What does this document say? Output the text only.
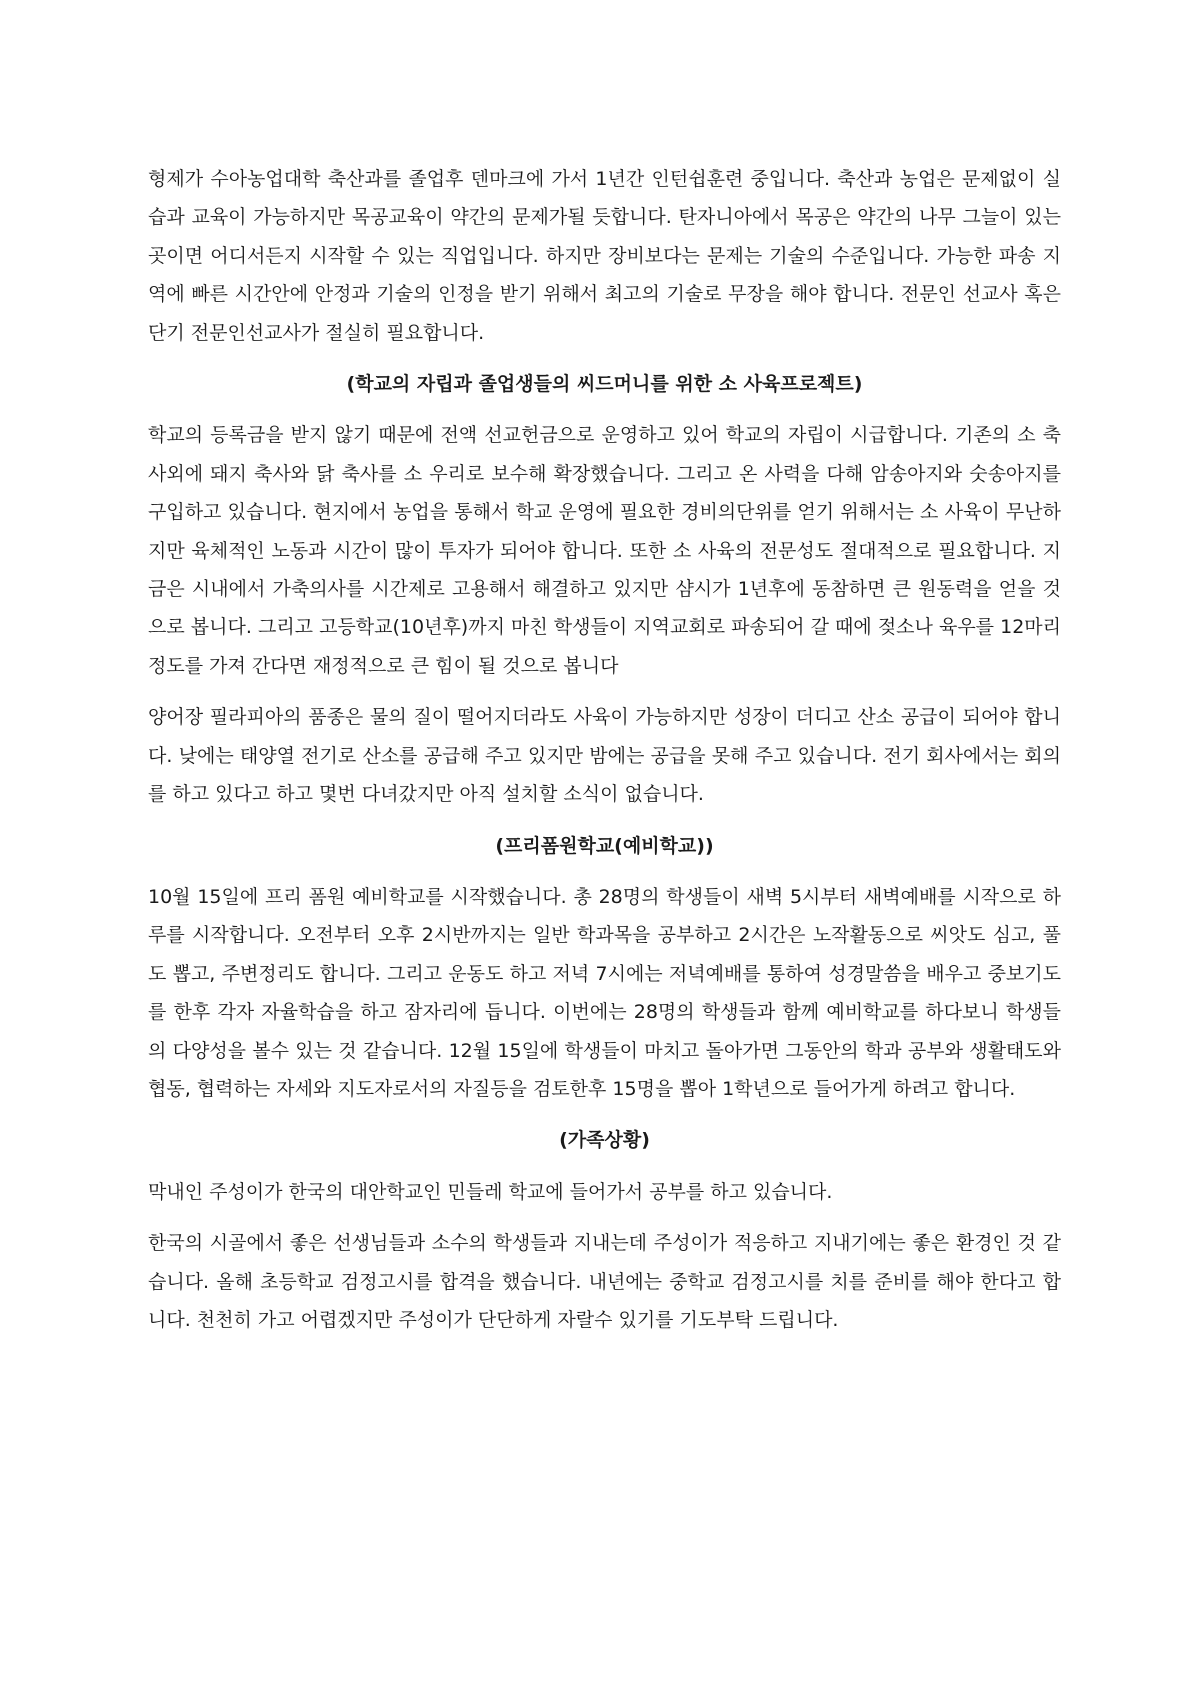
형제가 수아농업대학 축산과를 졸업후 덴마크에 가서 1년간 인턴쉽훈련 중입니다. 축산과 농업은 문제없이 실습과 교육이 가능하지만 목공교육이 약간의 문제가될 듯합니다. 탄자니아에서 목공은 약간의 나무 그늘이 있는 곳이면 어디서든지 시작할 수 있는 직업입니다. 하지만 장비보다는 문제는 기술의 수준입니다. 가능한 파송 지역에 빠른 시간안에 안정과 기술의 인정을 받기 위해서 최고의 기술로 무장을 해야 합니다. 전문인 선교사 혹은 단기 전문인선교사가 절실히 필요합니다.

(학교의 자립과 졸업생들의 씨드머니를 위한 소 사육프로젝트)

학교의 등록금을 받지 않기 때문에 전액 선교헌금으로 운영하고 있어 학교의 자립이 시급합니다. 기존의 소 축사외에 돼지 축사와 닭 축사를 소 우리로 보수해 확장했습니다. 그리고 온 사력을 다해 암송아지와 숫송아지를 구입하고 있습니다. 현지에서 농업을 통해서 학교 운영에 필요한 경비의단위를 얻기 위해서는 소 사육이 무난하지만 육체적인 노동과 시간이 많이 투자가 되어야 합니다. 또한 소 사육의 전문성도 절대적으로 필요합니다. 지금은 시내에서 가축의사를 시간제로 고용해서 해결하고 있지만 샴시가 1년후에 동참하면 큰 원동력을 얻을 것으로 봅니다. 그리고 고등학교(10년후)까지 마친 학생들이 지역교회로 파송되어 갈 때에 젖소나 육우를 12마리정도를 가져 간다면 재정적으로 큰 힘이 될 것으로 봅니다

양어장 필라피아의 품종은 물의 질이 떨어지더라도 사육이 가능하지만 성장이 더디고 산소 공급이 되어야 합니다. 낮에는 태양열 전기로 산소를 공급해 주고 있지만 밤에는 공급을 못해 주고 있습니다. 전기 회사에서는 회의를 하고 있다고 하고 몇번 다녀갔지만 아직 설치할 소식이 없습니다.

(프리폼원학교(예비학교))

10월 15일에 프리 폼원 예비학교를 시작했습니다. 총 28명의 학생들이 새벽 5시부터 새벽예배를 시작으로 하루를 시작합니다. 오전부터 오후 2시반까지는 일반 학과목을 공부하고 2시간은 노작활동으로 씨앗도 심고, 풀도 뽑고, 주변정리도 합니다. 그리고 운동도 하고 저녁 7시에는 저녁예배를 통하여 성경말씀을 배우고 중보기도를 한후 각자 자율학습을 하고 잠자리에 듭니다. 이번에는 28명의 학생들과 함께 예비학교를 하다보니 학생들의 다양성을 볼수 있는 것 같습니다. 12월 15일에 학생들이 마치고 돌아가면 그동안의 학과 공부와 생활태도와 협동, 협력하는 자세와 지도자로서의 자질등을 검토한후 15명을 뽑아 1학년으로 들어가게 하려고 합니다.

(가족상황)

막내인 주성이가 한국의 대안학교인 민들레 학교에 들어가서 공부를 하고 있습니다.

한국의 시골에서 좋은 선생님들과 소수의 학생들과 지내는데 주성이가 적응하고 지내기에는 좋은 환경인 것 같습니다. 올해 초등학교 검정고시를 합격을 했습니다. 내년에는 중학교 검정고시를 치를 준비를 해야 한다고 합니다. 천천히 가고 어렵겠지만 주성이가 단단하게 자랄수 있기를 기도부탁 드립니다.
